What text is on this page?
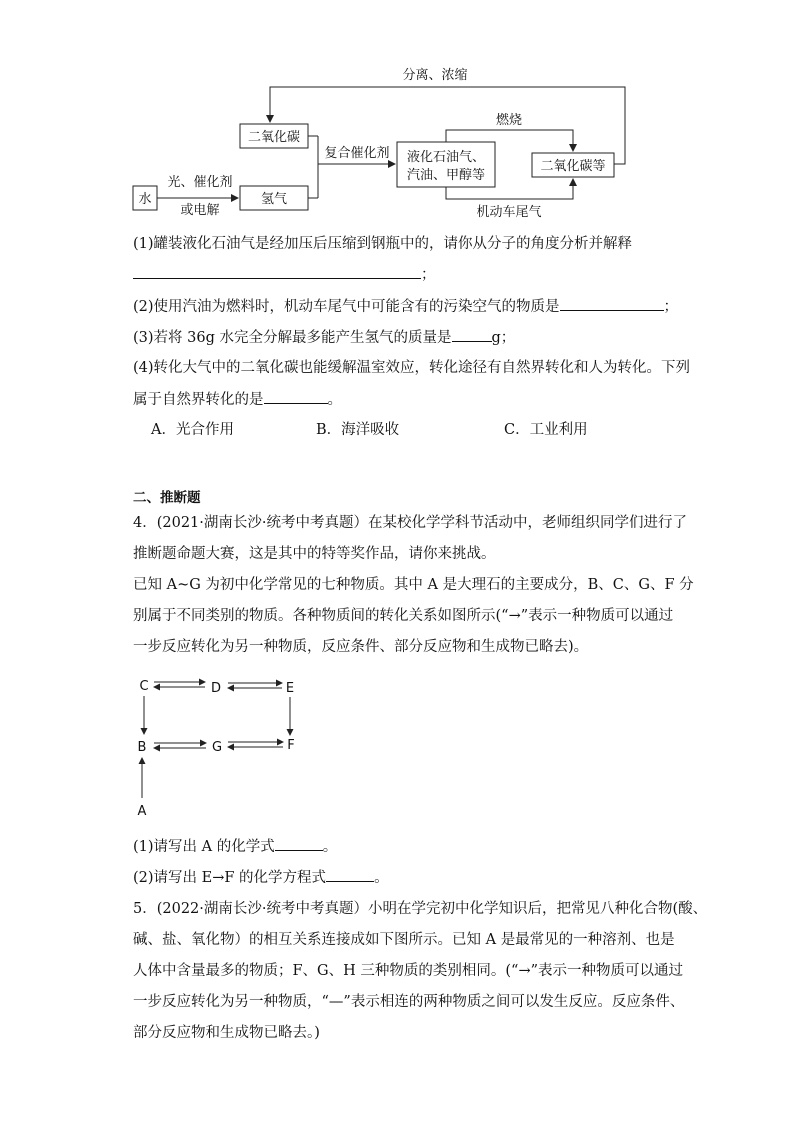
分离、浓缩
二氧化碳
水	氢气
液化石油气、
汽油、甲醇等
二氧化碳等
光、催化剂
或电解
复合催化剂
燃烧
机动车尾气
(1)罐装液化石油气是经加压后压缩到钢瓶中的，请你从分子的角度分析并解释
；
(2)使用汽油为燃料时，机动车尾气中可能含有的污染空气的物质是	；
(3)若将 36g 水完全分解最多能产生氢气的质量是	g；
(4)转化大气中的二氧化碳也能缓解温室效应，转化途径有自然界转化和人为转化。下列
属于自然界转化的是	。
A．光合作用	B．海洋吸收	C．工业利用
二、推断题
4．(2021·湖南长沙·统考中考真题）在某校化学学科节活动中，老师组织同学们进行了
推断题命题大赛，这是其中的特等奖作品，请你来挑战。
已知 A~G 为初中化学常见的七种物质。其中 A 是大理石的主要成分，B、C、G、F 分
别属于不同类别的物质。各种物质间的转化关系如图所示(“→”表示一种物质可以通过
一步反应转化为另一种物质，反应条件、部分反应物和生成物已略去)。
C	D	E
B	G	F
A
(1)请写出 A 的化学式	。
(2)请写出 E→F 的化学方程式	。
5．(2022·湖南长沙·统考中考真题）小明在学完初中化学知识后，把常见八种化合物(酸、
碱、盐、氧化物）的相互关系连接成如下图所示。已知 A 是最常见的一种溶剂、也是
人体中含量最多的物质；F、G、H 三种物质的类别相同。(“→”表示一种物质可以通过
一步反应转化为另一种物质，“—”表示相连的两种物质之间可以发生反应。反应条件、
部分反应物和生成物已略去。)
